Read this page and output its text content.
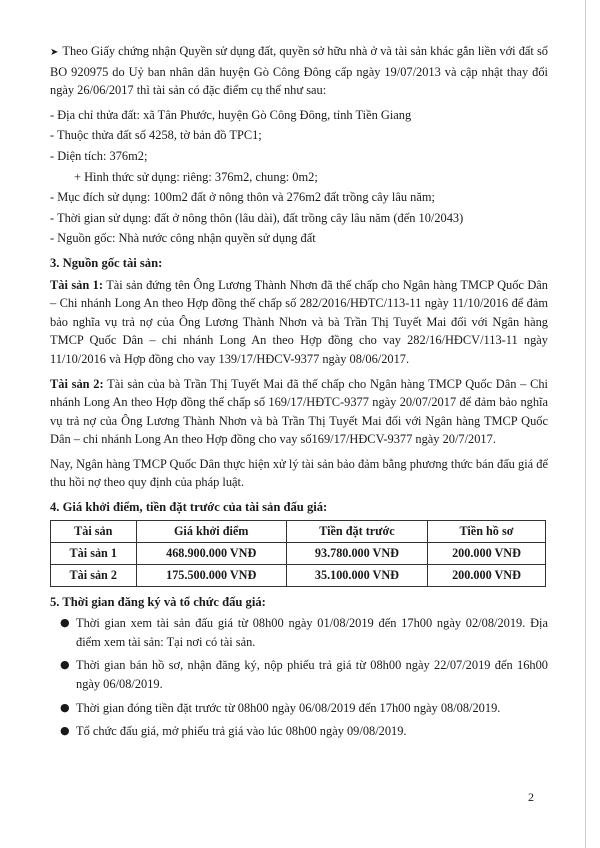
➤ Theo Giấy chứng nhận Quyền sử dụng đất, quyền sở hữu nhà ở và tài sản khác gắn liền với đất số BO 920975 do Uỷ ban nhân dân huyện Gò Công Đông cấp ngày 19/07/2013 và cập nhật thay đổi ngày 26/06/2017 thì tài sản có đặc điểm cụ thể như sau:

- Địa chỉ thửa đất: xã Tân Phước, huyện Gò Công Đông, tỉnh Tiền Giang

- Thuộc thửa đất số 4258, tờ bản đồ TPC1;

- Diện tích: 376m2;

+ Hình thức sử dụng: riêng: 376m2, chung: 0m2;

- Mục đích sử dụng: 100m2 đất ở nông thôn và 276m2 đất trồng cây lâu năm;

- Thời gian sử dụng: đất ở nông thôn (lâu dài), đất trồng cây lâu năm (đến 10/2043)

- Nguồn gốc: Nhà nước công nhận quyền sử dụng đất

3. Nguồn gốc tài sản:

Tài sản 1: Tài sản đứng tên Ông Lương Thành Nhơn đã thế chấp cho Ngân hàng TMCP Quốc Dân – Chi nhánh Long An theo Hợp đồng thế chấp số 282/2016/HĐTC/113-11 ngày 11/10/2016 để đảm bảo nghĩa vụ trả nợ của Ông Lương Thành Nhơn và bà Trần Thị Tuyết Mai đối với Ngân hàng TMCP Quốc Dân – chi nhánh Long An theo Hợp đồng cho vay 282/16/HĐCV/113-11 ngày 11/10/2016 và Hợp đồng cho vay 139/17/HĐCV-9377 ngày 08/06/2017.

Tài sản 2: Tài sản của bà Trần Thị Tuyết Mai đã thế chấp cho Ngân hàng TMCP Quốc Dân – Chi nhánh Long An theo Hợp đồng thế chấp số 169/17/HĐTC-9377 ngày 20/07/2017 để đảm bảo nghĩa vụ trả nợ của Ông Lương Thành Nhơn và bà Trần Thị Tuyết Mai đối với Ngân hàng TMCP Quốc Dân – chi nhánh Long An theo Hợp đồng cho vay số169/17/HĐCV-9377 ngày 20/7/2017.

Nay, Ngân hàng TMCP Quốc Dân thực hiện xử lý tài sản bảo đảm bằng phương thức bán đấu giá để thu hồi nợ theo quy định của pháp luật.

4. Giá khởi điểm, tiền đặt trước của tài sản đấu giá:
Tài sản	Giá khởi điểm	Tiền đặt trước	Tiền hồ sơ
Tài sản 1	468.900.000 VNĐ	93.780.000 VNĐ	200.000 VNĐ
Tài sản 2	175.500.000 VNĐ	35.100.000 VNĐ	200.000 VNĐ
5. Thời gian đăng ký và tổ chức đấu giá:
● Thời gian xem tài sản đấu giá từ 08h00 ngày 01/08/2019 đến 17h00 ngày 02/08/2019. Địa điểm xem tài sản: Tại nơi có tài sản.
● Thời gian bán hồ sơ, nhận đăng ký, nộp phiếu trả giá từ 08h00 ngày 22/07/2019 đến 16h00 ngày 06/08/2019.
● Thời gian đóng tiền đặt trước từ 08h00 ngày 06/08/2019 đến 17h00 ngày 08/08/2019.
● Tổ chức đấu giá, mở phiếu trả giá vào lúc 08h00 ngày 09/08/2019.
2
